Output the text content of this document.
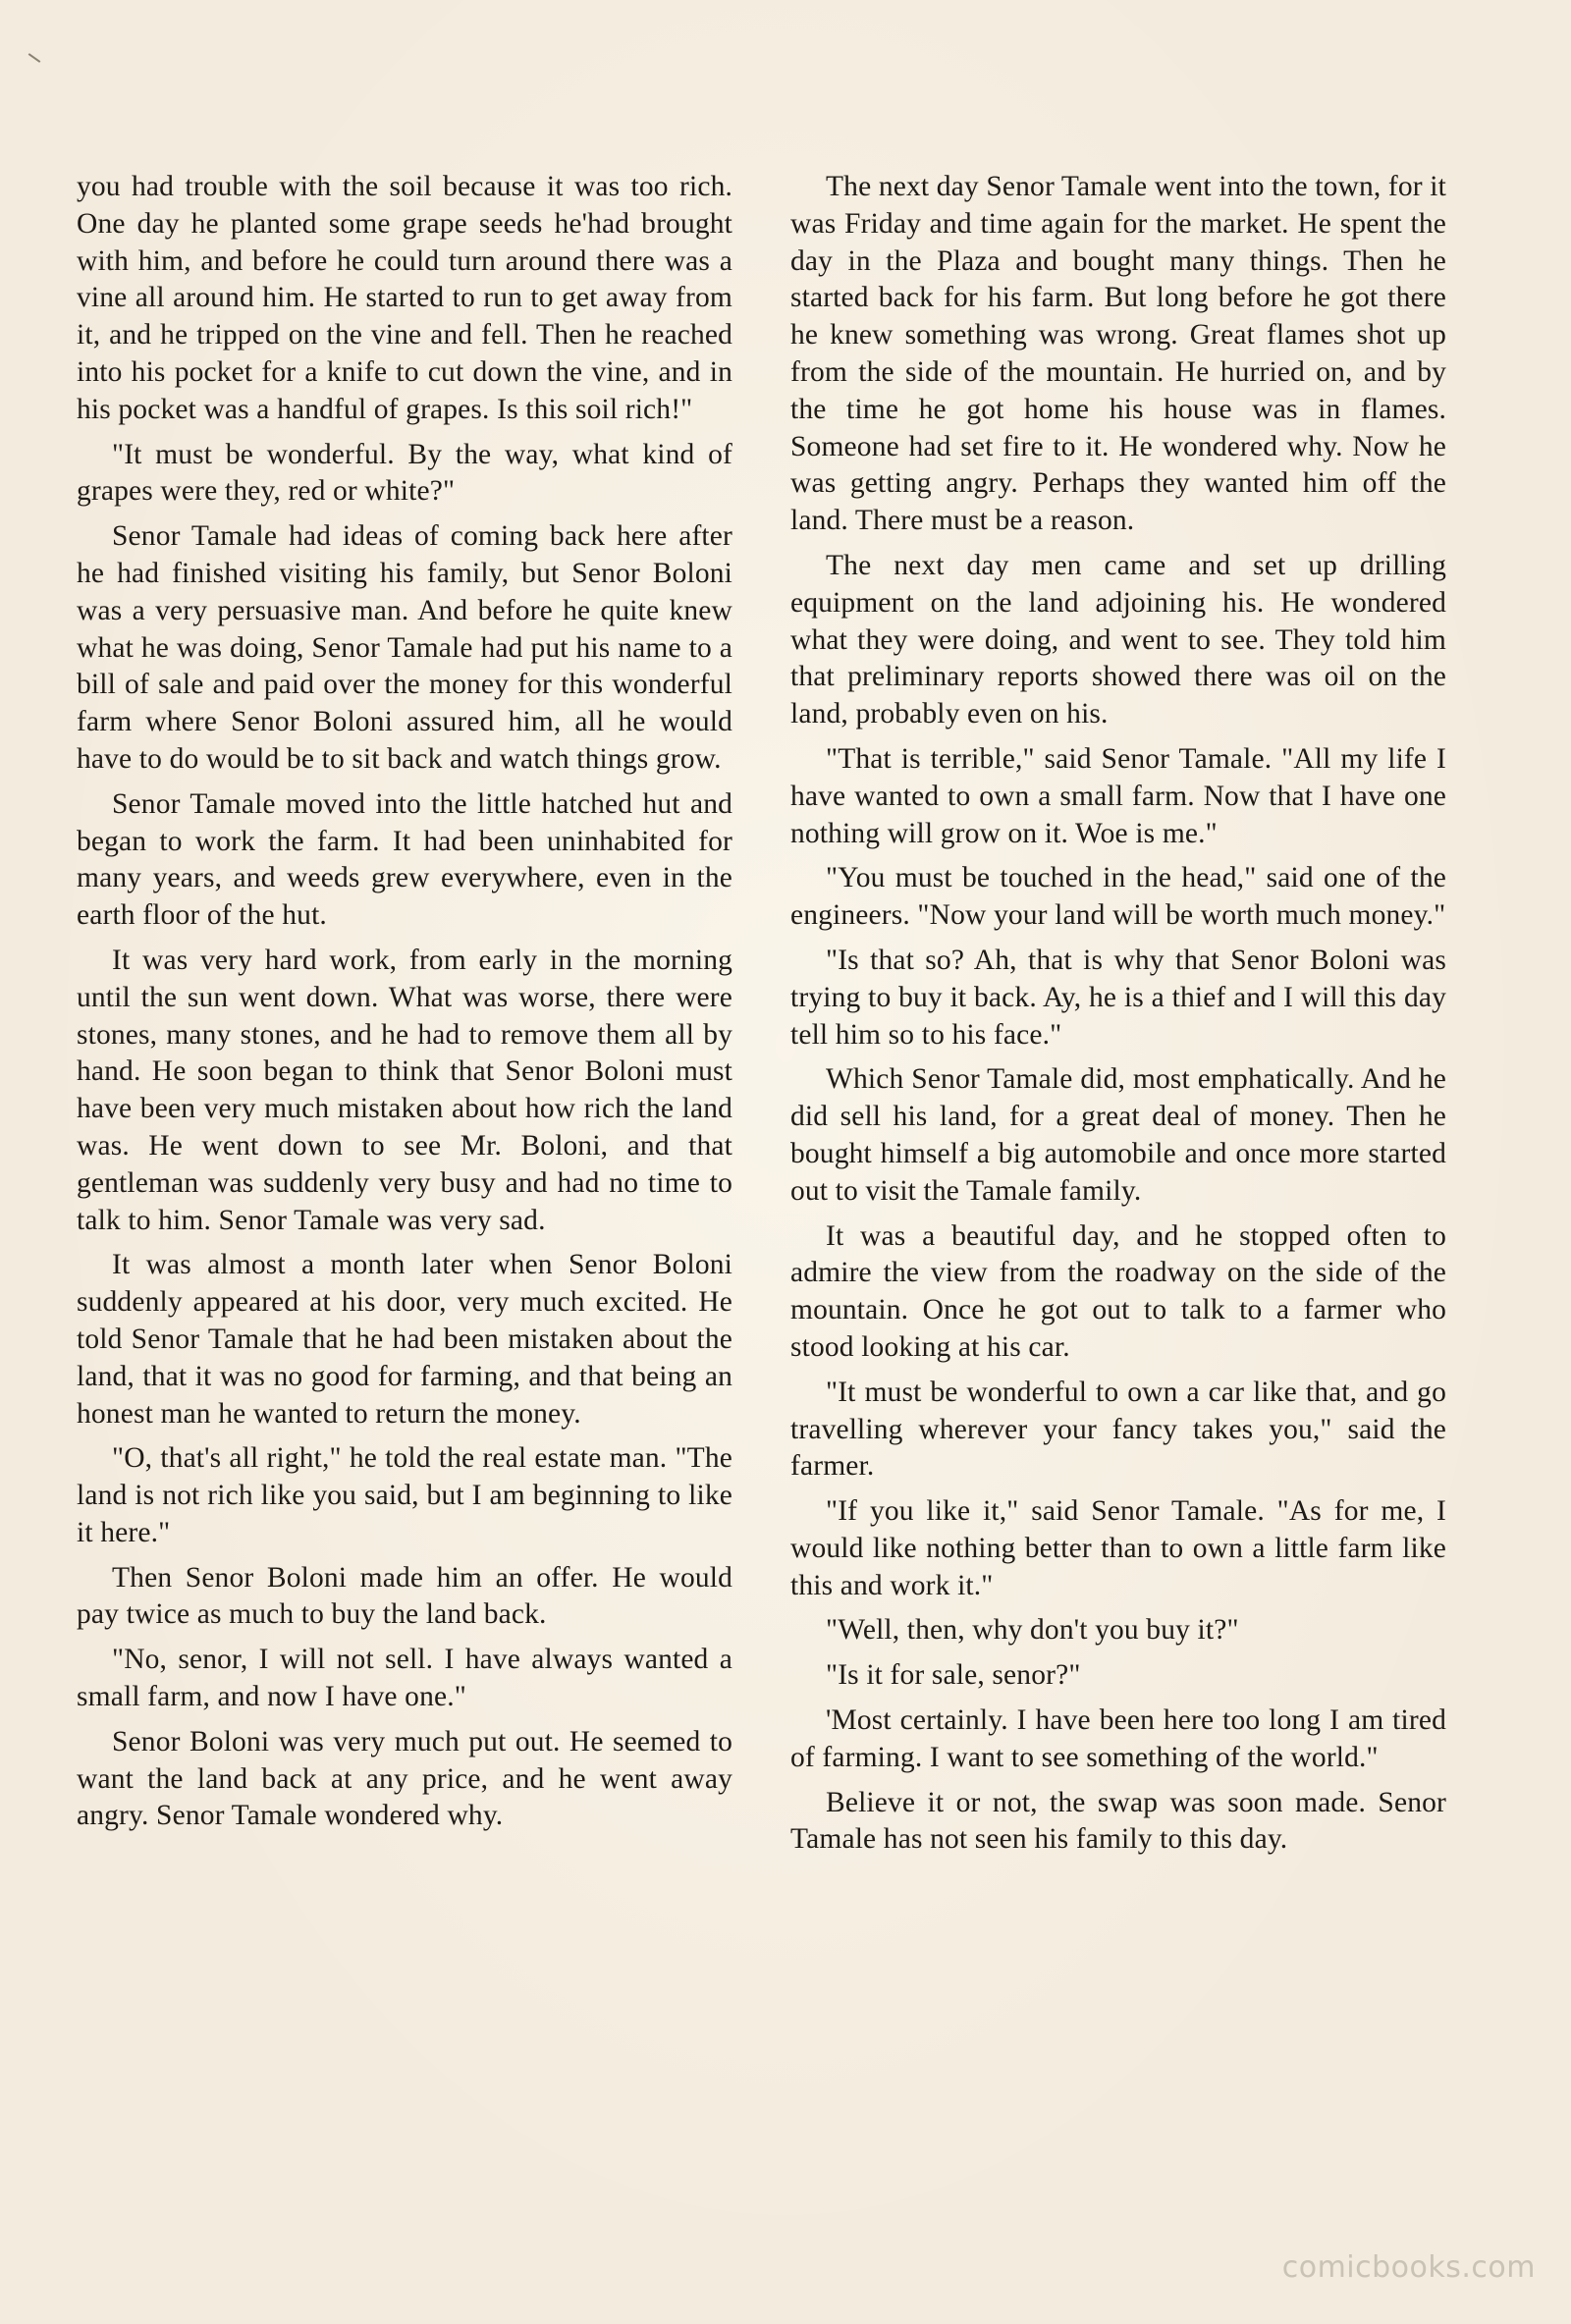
you had trouble with the soil because it was too rich. One day he planted some grape seeds he'had brought with him, and before he could turn around there was a vine all around him. He started to run to get away from it, and he tripped on the vine and fell. Then he reached into his pocket for a knife to cut down the vine, and in his pocket was a handful of grapes. Is this soil rich!"

"It must be wonderful. By the way, what kind of grapes were they, red or white?"

Senor Tamale had ideas of coming back here after he had finished visiting his family, but Senor Boloni was a very persuasive man. And before he quite knew what he was doing, Senor Tamale had put his name to a bill of sale and paid over the money for this wonderful farm where Senor Boloni assured him, all he would have to do would be to sit back and watch things grow.

Senor Tamale moved into the little hatched hut and began to work the farm. It had been uninhabited for many years, and weeds grew everywhere, even in the earth floor of the hut.

It was very hard work, from early in the morning until the sun went down. What was worse, there were stones, many stones, and he had to remove them all by hand. He soon began to think that Senor Boloni must have been very much mistaken about how rich the land was. He went down to see Mr. Boloni, and that gentleman was suddenly very busy and had no time to talk to him. Senor Tamale was very sad.

It was almost a month later when Senor Boloni suddenly appeared at his door, very much excited. He told Senor Tamale that he had been mistaken about the land, that it was no good for farming, and that being an honest man he wanted to return the money.

"O, that's all right," he told the real estate man. "The land is not rich like you said, but I am beginning to like it here."

Then Senor Boloni made him an offer. He would pay twice as much to buy the land back.

"No, senor, I will not sell. I have always wanted a small farm, and now I have one."

Senor Boloni was very much put out. He seemed to want the land back at any price, and he went away angry. Senor Tamale wondered why.

The next day Senor Tamale went into the town, for it was Friday and time again for the market. He spent the day in the Plaza and bought many things. Then he started back for his farm. But long before he got there he knew something was wrong. Great flames shot up from the side of the mountain. He hurried on, and by the time he got home his house was in flames. Someone had set fire to it. He wondered why. Now he was getting angry. Perhaps they wanted him off the land. There must be a reason.

The next day men came and set up drilling equipment on the land adjoining his. He wondered what they were doing, and went to see. They told him that preliminary reports showed there was oil on the land, probably even on his.

"That is terrible," said Senor Tamale. "All my life I have wanted to own a small farm. Now that I have one nothing will grow on it. Woe is me."

"You must be touched in the head," said one of the engineers. "Now your land will be worth much money."

"Is that so? Ah, that is why that Senor Boloni was trying to buy it back. Ay, he is a thief and I will this day tell him so to his face."

Which Senor Tamale did, most emphatically. And he did sell his land, for a great deal of money. Then he bought himself a big automobile and once more started out to visit the Tamale family.

It was a beautiful day, and he stopped often to admire the view from the roadway on the side of the mountain. Once he got out to talk to a farmer who stood looking at his car.

"It must be wonderful to own a car like that, and go travelling wherever your fancy takes you," said the farmer.

"If you like it," said Senor Tamale. "As for me, I would like nothing better than to own a little farm like this and work it."

"Well, then, why don't you buy it?"

"Is it for sale, senor?"

'Most certainly. I have been here too long I am tired of farming. I want to see something of the world."

Believe it or not, the swap was soon made. Senor Tamale has not seen his family to this day.

comicbooks.com
